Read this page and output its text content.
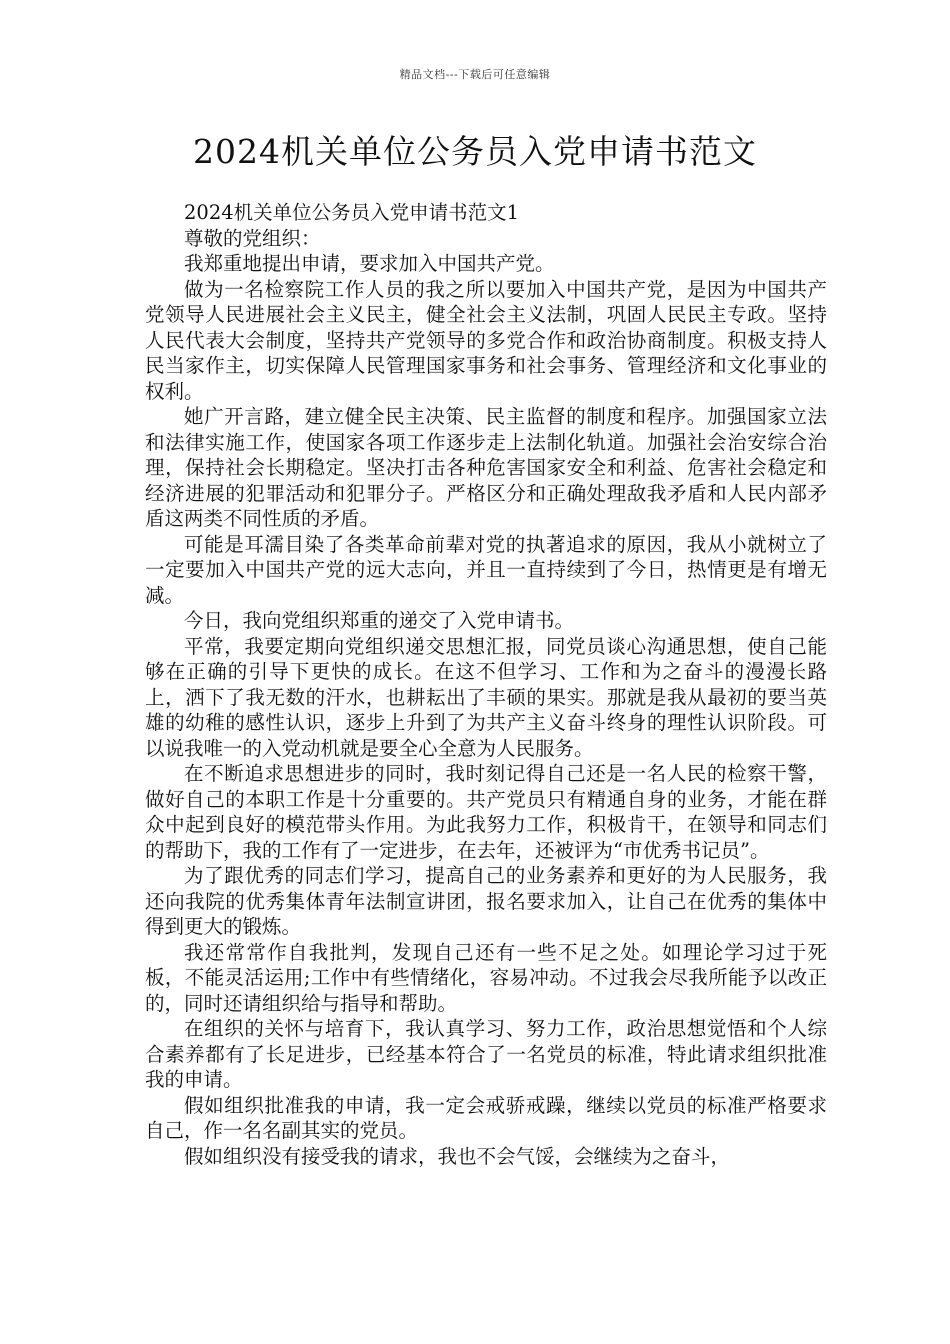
精品文档---下载后可任意编辑
2024机关单位公务员入党申请书范文

2024机关单位公务员入党申请书范文1

尊敬的党组织：

我郑重地提出申请，要求加入中国共产党。

做为一名检察院工作人员的我之所以要加入中国共产党，是因为中国共产党领导人民进展社会主义民主，健全社会主义法制，巩固人民民主专政。坚持人民代表大会制度，坚持共产党领导的多党合作和政治协商制度。积极支持人民当家作主，切实保障人民管理国家事务和社会事务、管理经济和文化事业的权利。

她广开言路，建立健全民主决策、民主监督的制度和程序。加强国家立法和法律实施工作，使国家各项工作逐步走上法制化轨道。加强社会治安综合治理，保持社会长期稳定。坚决打击各种危害国家安全和利益、危害社会稳定和经济进展的犯罪活动和犯罪分子。严格区分和正确处理敌我矛盾和人民内部矛盾这两类不同性质的矛盾。

可能是耳濡目染了各类革命前辈对党的执著追求的原因，我从小就树立了一定要加入中国共产党的远大志向，并且一直持续到了今日，热情更是有增无减。

今日，我向党组织郑重的递交了入党申请书。

平常，我要定期向党组织递交思想汇报，同党员谈心沟通思想，使自己能够在正确的引导下更快的成长。在这不但学习、工作和为之奋斗的漫漫长路上，洒下了我无数的汗水，也耕耘出了丰硕的果实。那就是我从最初的要当英雄的幼稚的感性认识，逐步上升到了为共产主义奋斗终身的理性认识阶段。可以说我唯一的入党动机就是要全心全意为人民服务。

在不断追求思想进步的同时，我时刻记得自己还是一名人民的检察干警，做好自己的本职工作是十分重要的。共产党员只有精通自身的业务，才能在群众中起到良好的模范带头作用。为此我努力工作，积极肯干，在领导和同志们的帮助下，我的工作有了一定进步，在去年，还被评为“市优秀书记员”。

为了跟优秀的同志们学习，提高自己的业务素养和更好的为人民服务，我还向我院的优秀集体青年法制宣讲团，报名要求加入，让自己在优秀的集体中得到更大的锻炼。

我还常常作自我批判，发现自己还有一些不足之处。如理论学习过于死板，不能灵活运用;工作中有些情绪化，容易冲动。不过我会尽我所能予以改正的，同时还请组织给与指导和帮助。

在组织的关怀与培育下，我认真学习、努力工作，政治思想觉悟和个人综合素养都有了长足进步，已经基本符合了一名党员的标准，特此请求组织批准我的申请。

假如组织批准我的申请，我一定会戒骄戒躁，继续以党员的标准严格要求自己，作一名名副其实的党员。

假如组织没有接受我的请求，我也不会气馁，会继续为之奋斗，
